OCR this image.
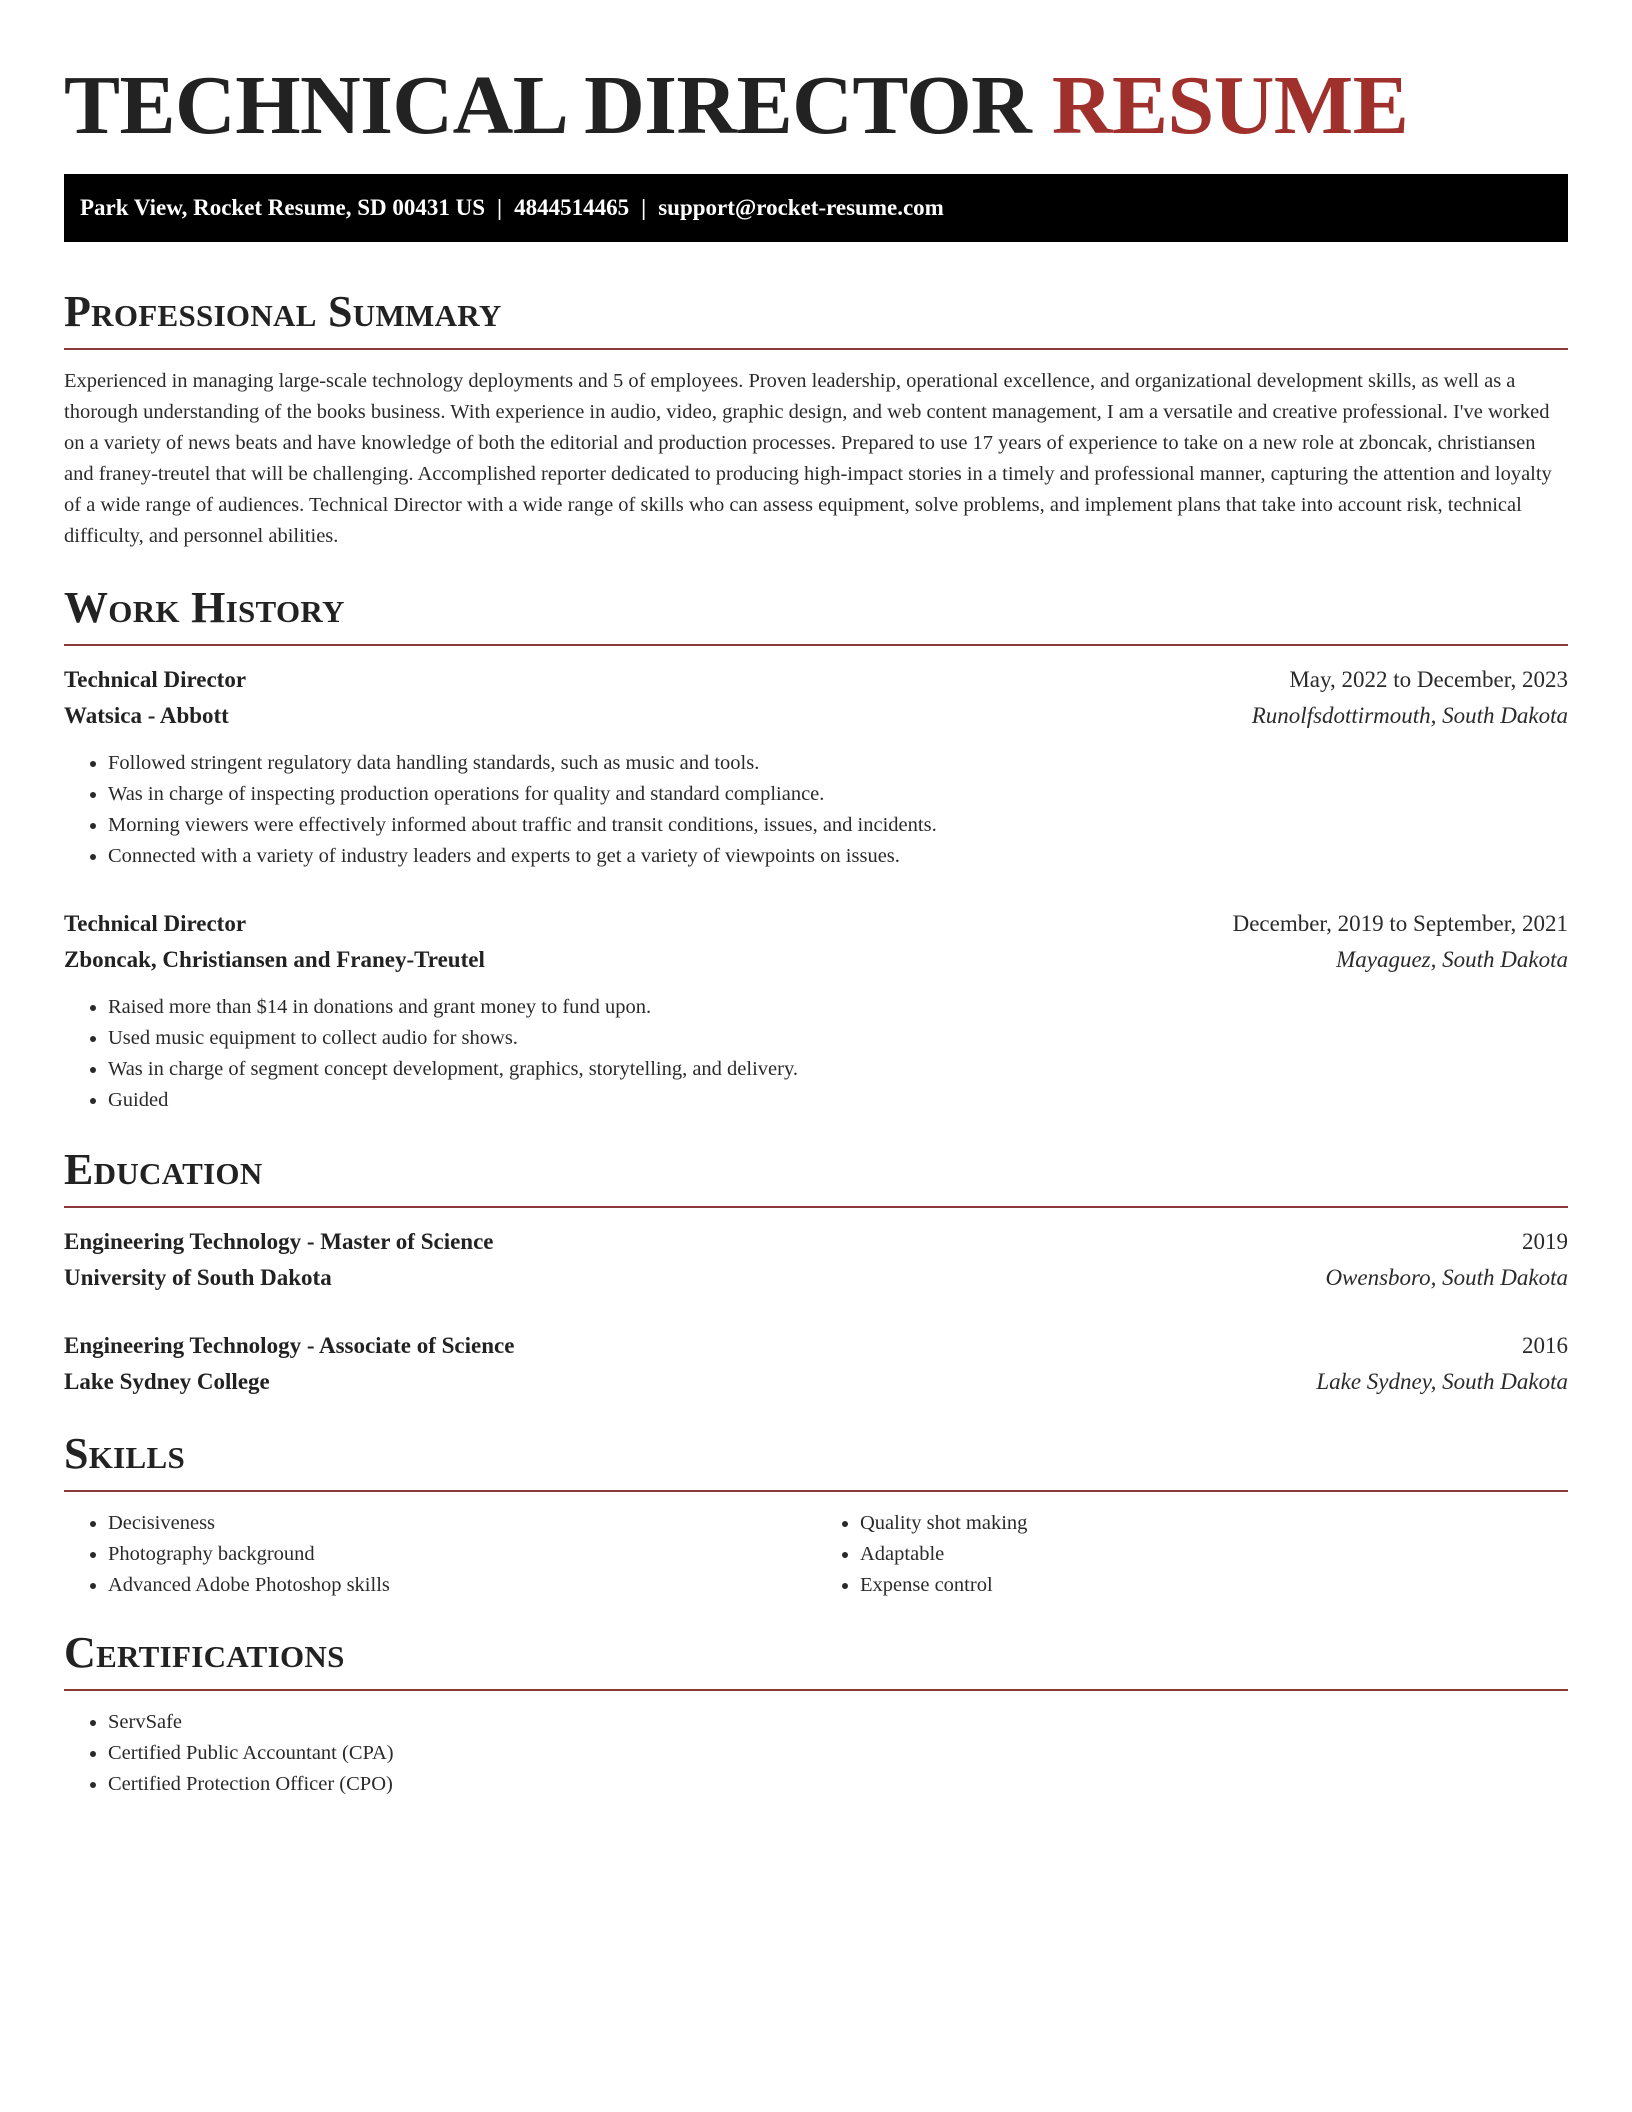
TECHNICAL DIRECTOR RESUME
Park View, Rocket Resume, SD 00431 US | 4844514465 | support@rocket-resume.com
Professional Summary

Experienced in managing large-scale technology deployments and 5 of employees. Proven leadership, operational excellence, and organizational development skills, as well as a thorough understanding of the books business. With experience in audio, video, graphic design, and web content management, I am a versatile and creative professional. I've worked on a variety of news beats and have knowledge of both the editorial and production processes. Prepared to use 17 years of experience to take on a new role at zboncak, christiansen and franey-treutel that will be challenging. Accomplished reporter dedicated to producing high-impact stories in a timely and professional manner, capturing the attention and loyalty of a wide range of audiences. Technical Director with a wide range of skills who can assess equipment, solve problems, and implement plans that take into account risk, technical difficulty, and personnel abilities.

Work History
Technical Director	May, 2022 to December, 2023
Watsica - Abbott	Runolfsdottirmouth, South Dakota
• Followed stringent regulatory data handling standards, such as music and tools.
• Was in charge of inspecting production operations for quality and standard compliance.
• Morning viewers were effectively informed about traffic and transit conditions, issues, and incidents.
• Connected with a variety of industry leaders and experts to get a variety of viewpoints on issues.
Technical Director	December, 2019 to September, 2021
Zboncak, Christiansen and Franey-Treutel	Mayaguez, South Dakota
• Raised more than $14 in donations and grant money to fund upon.
• Used music equipment to collect audio for shows.
• Was in charge of segment concept development, graphics, storytelling, and delivery.
• Guided
Education
Engineering Technology - Master of Science	2019
University of South Dakota	Owensboro, South Dakota
Engineering Technology - Associate of Science	2016
Lake Sydney College	Lake Sydney, South Dakota
Skills
• Decisiveness
• Photography background
• Advanced Adobe Photoshop skills
• Quality shot making
• Adaptable
• Expense control
Certifications
• ServSafe
• Certified Public Accountant (CPA)
• Certified Protection Officer (CPO)
